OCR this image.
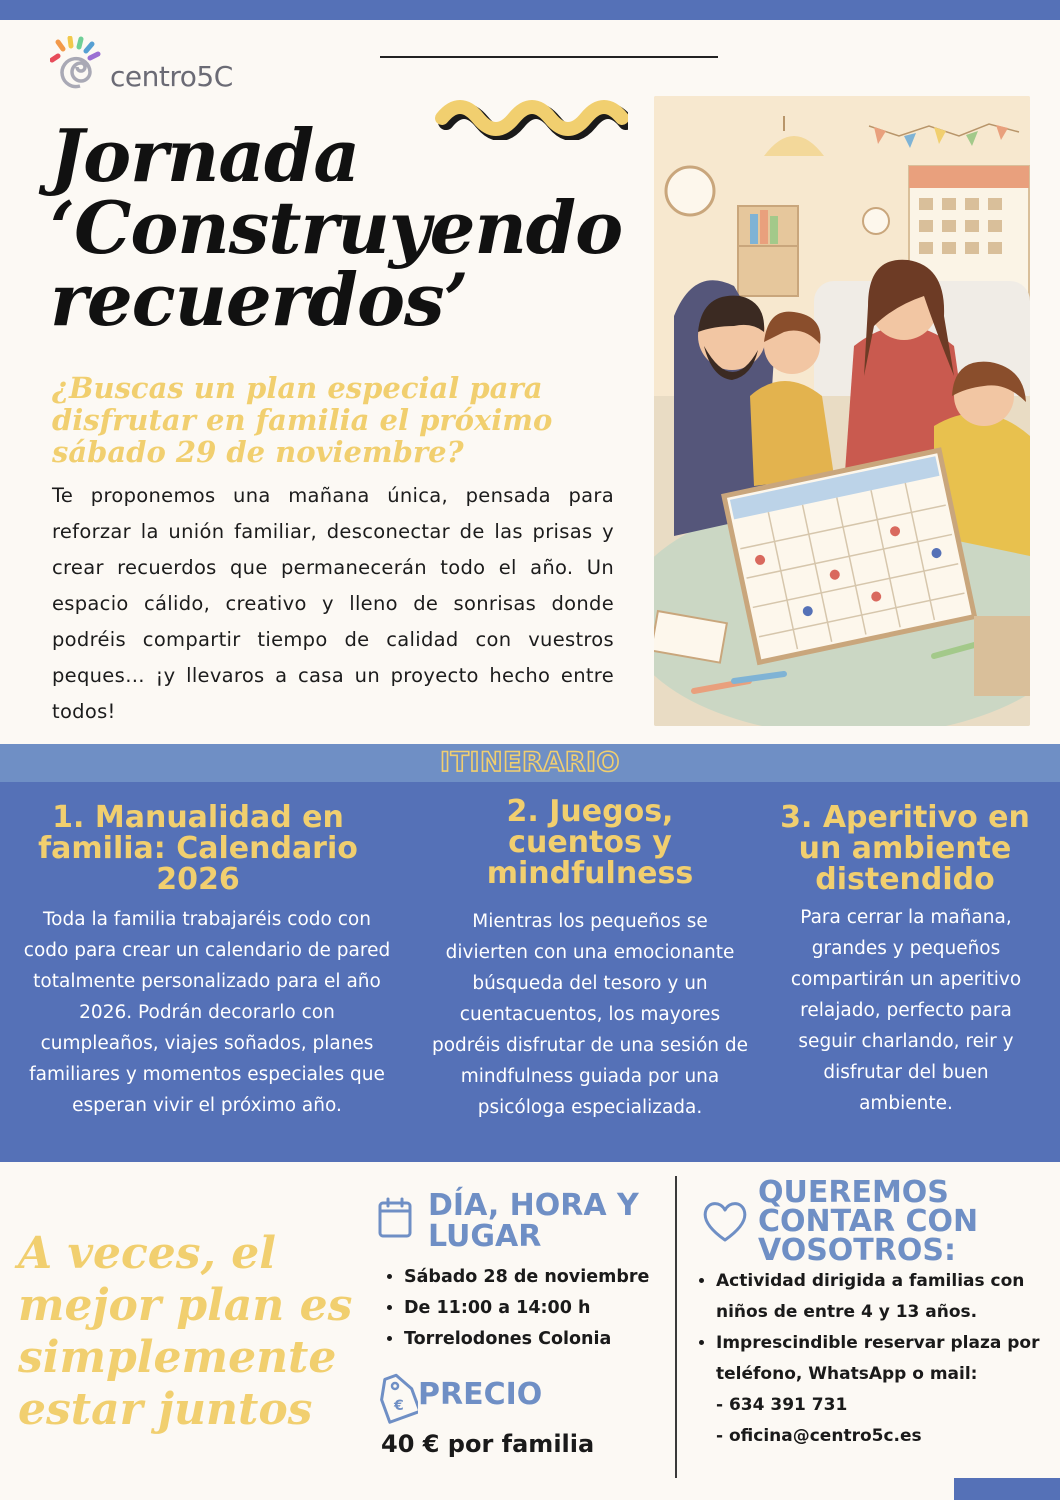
centro5C
Jornada ‘Construyendo recuerdos’
¿Buscas un plan especial para disfrutar en familia el próximo sábado 29 de noviembre?
Te proponemos una mañana única, pensada para reforzar la unión familiar, desconectar de las prisas y crear recuerdos que permanecerán todo el año. Un espacio cálido, creativo y lleno de sonrisas donde podréis compartir tiempo de calidad con vuestros peques… ¡y llevaros a casa un proyecto hecho entre todos!
ITINERARIO
1. Manualidad en familia: Calendario 2026
Toda la familia trabajaréis codo con codo para crear un calendario de pared totalmente personalizado para el año 2026. Podrán decorarlo con cumpleaños, viajes soñados, planes familiares y momentos especiales que esperan vivir el próximo año.
2. Juegos, cuentos y mindfulness
Mientras los pequeños se divierten con una emocionante búsqueda del tesoro y un cuentacuentos, los mayores podréis disfrutar de una sesión de mindfulness guiada por una psicóloga especializada.
3. Aperitivo en un ambiente distendido
Para cerrar la mañana, grandes y pequeños compartirán un aperitivo relajado, perfecto para seguir charlando, reir y disfrutar del buen ambiente.
A veces, el mejor plan es simplemente estar juntos
DÍA, HORA Y LUGAR
• Sábado 28 de noviembre
• De 11:00 a 14:00 h
• Torrelodones Colonia
€ PRECIO
40 € por familia
QUEREMOS CONTAR CON VOSOTROS:
• Actividad dirigida a familias con niños de entre 4 y 13 años.
• Imprescindible reservar plaza por teléfono, WhatsApp o mail:
- 634 391 731
- oficina@centro5c.es
